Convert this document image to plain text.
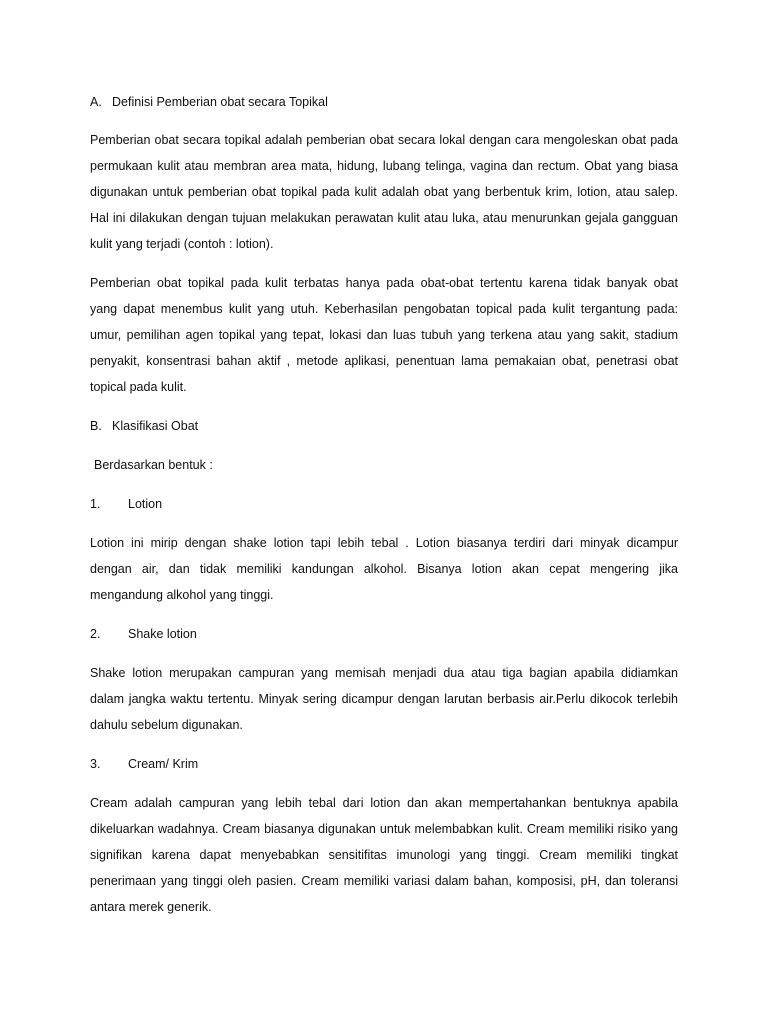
A. Definisi Pemberian obat secara Topikal

Pemberian obat secara topikal adalah pemberian obat secara lokal dengan cara mengoleskan obat pada
permukaan kulit atau membran area mata, hidung, lubang telinga, vagina dan rectum. Obat yang biasa
digunakan untuk pemberian obat topikal pada kulit adalah obat yang berbentuk krim, lotion, atau salep.
Hal ini dilakukan dengan tujuan melakukan perawatan kulit atau luka, atau menurunkan gejala gangguan
kulit yang terjadi (contoh : lotion).
Pemberian obat topikal pada kulit terbatas hanya pada obat-obat tertentu karena tidak banyak obat
yang dapat menembus kulit yang utuh. Keberhasilan pengobatan topical pada kulit tergantung pada:
umur, pemilihan agen topikal yang tepat, lokasi dan luas tubuh yang terkena atau yang sakit, stadium
penyakit, konsentrasi bahan aktif , metode aplikasi, penentuan lama pemakaian obat, penetrasi obat
topical pada kulit.

B. Klasifikasi Obat

Berdasarkan bentuk :

1. Lotion

Lotion ini mirip dengan shake lotion tapi lebih tebal . Lotion biasanya terdiri dari minyak dicampur
dengan air, dan tidak memiliki kandungan alkohol. Bisanya lotion akan cepat mengering jika
mengandung alkohol yang tinggi.

2. Shake lotion

Shake lotion merupakan campuran yang memisah menjadi dua atau tiga bagian apabila didiamkan
dalam jangka waktu tertentu. Minyak sering dicampur dengan larutan berbasis air.Perlu dikocok terlebih
dahulu sebelum digunakan.

3. Cream/ Krim

Cream adalah campuran yang lebih tebal dari lotion dan akan mempertahankan bentuknya apabila
dikeluarkan wadahnya. Cream biasanya digunakan untuk melembabkan kulit. Cream memiliki risiko yang
signifikan karena dapat menyebabkan sensitifitas imunologi yang tinggi. Cream memiliki tingkat
penerimaan yang tinggi oleh pasien. Cream memiliki variasi dalam bahan, komposisi, pH, dan toleransi
antara merek generik.
